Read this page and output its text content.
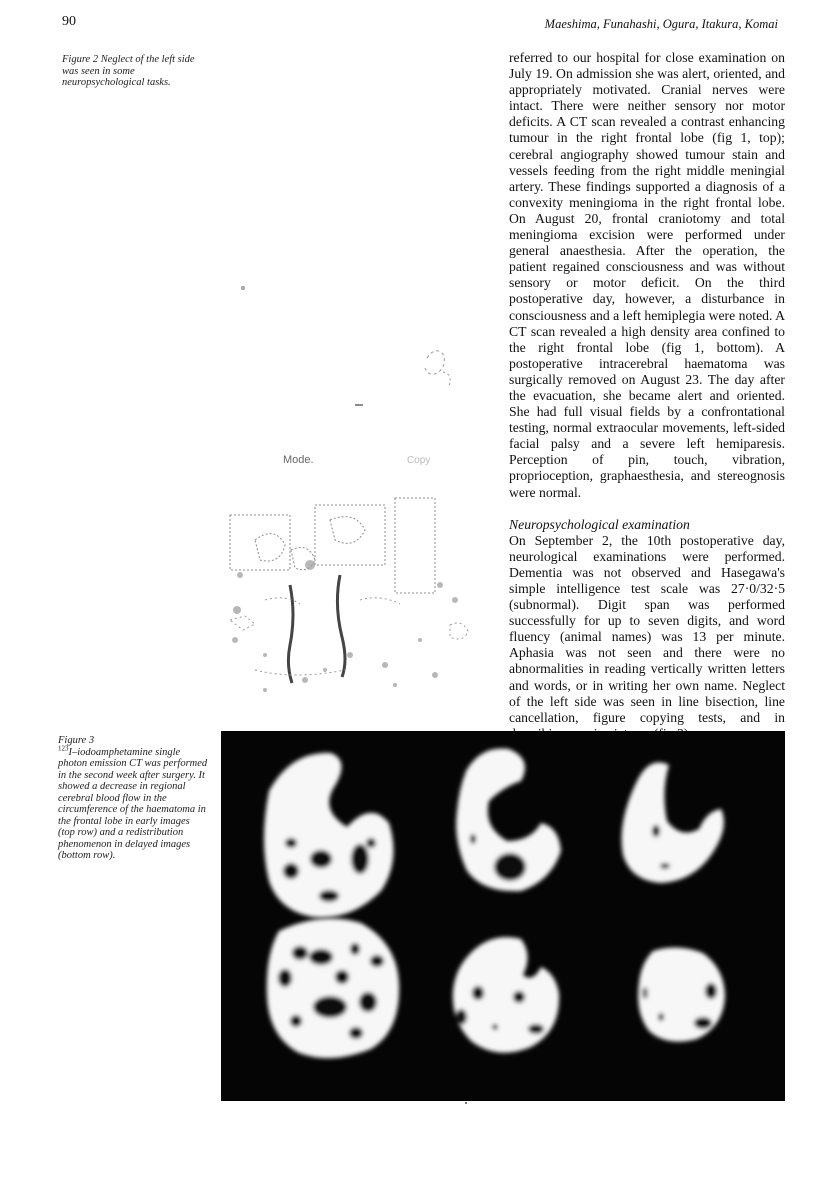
90	Maeshima, Funahashi, Ogura, Itakura, Komai
Figure 2 Neglect of the left side was seen in some neuropsychological tasks.

referred to our hospital for close examination on July 19. On admission she was alert, oriented, and appropriately motivated. Cranial nerves were intact. There were neither sensory nor motor deficits. A CT scan revealed a contrast enhancing tumour in the right frontal lobe (fig 1, top); cerebral angiography showed tumour stain and vessels feeding from the right middle meningial artery. These findings supported a diagnosis of a convexity meningioma in the right frontal lobe. On August 20, frontal craniotomy and total meningioma excision were performed under general anaesthesia. After the operation, the patient regained consciousness and was without sensory or motor deficit. On the third postoperative day, however, a disturbance in consciousness and a left hemiplegia were noted. A CT scan revealed a high density area confined to the right frontal lobe (fig 1, bottom). A postoperative intracerebral haematoma was surgically removed on August 23. The day after the evacuation, she became alert and oriented. She had full visual fields by a confrontational testing, normal extraocular movements, left-sided facial palsy and a severe left hemiparesis. Perception of pin, touch, vibration, proprioception, graphaesthesia, and stereognosis were normal.

Neuropsychological examination

On September 2, the 10th postoperative day, neurological examinations were performed. Dementia was not observed and Hasegawa's simple intelligence test scale was 27·0/32·5 (subnormal). Digit span was performed successfully for up to seven digits, and word fluency (animal names) was 13 per minute. Aphasia was not seen and there were no abnormalities in reading vertically written letters and words, or in writing her own name. Neglect of the left side was seen in line bisection, line cancellation, figure copying tests, and in

Mode.	Copy
Figure 3
$^{123}$I–iodoamphetamine single photon emission CT was performed in the second week after surgery. It showed a decrease in regional cerebral blood flow in the circumference of the haematoma in the frontal lobe in early images (top row) and a redistribution phenomenon in delayed images (bottom row).
